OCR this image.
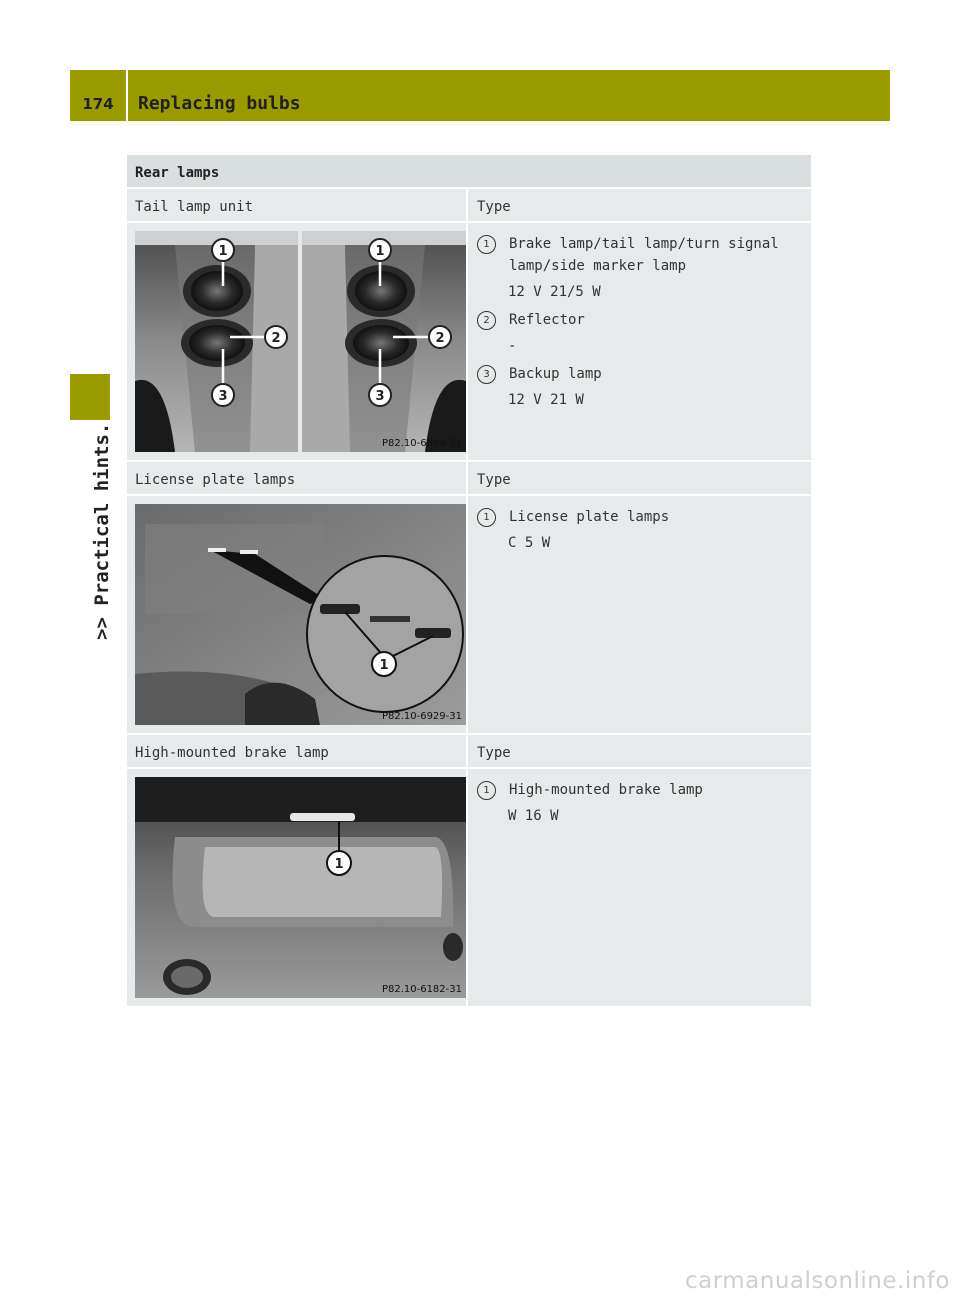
174	Replacing bulbs
>> Practical hints.
Rear lamps
Tail lamp unit	Type
1	1
2	2
3	3
P82.10-6894-31
1	Brake lamp/tail lamp/turn signal lamp/side marker lamp
12 V 21/5 W
2	Reflector
-
3	Backup lamp
12 V 21 W
License plate lamps	Type
1
P82.10-6929-31
1	License plate lamps
C 5 W
High-mounted brake lamp	Type
1
P82.10-6182-31
1	High-mounted brake lamp
W 16 W
carmanualsonline.info
